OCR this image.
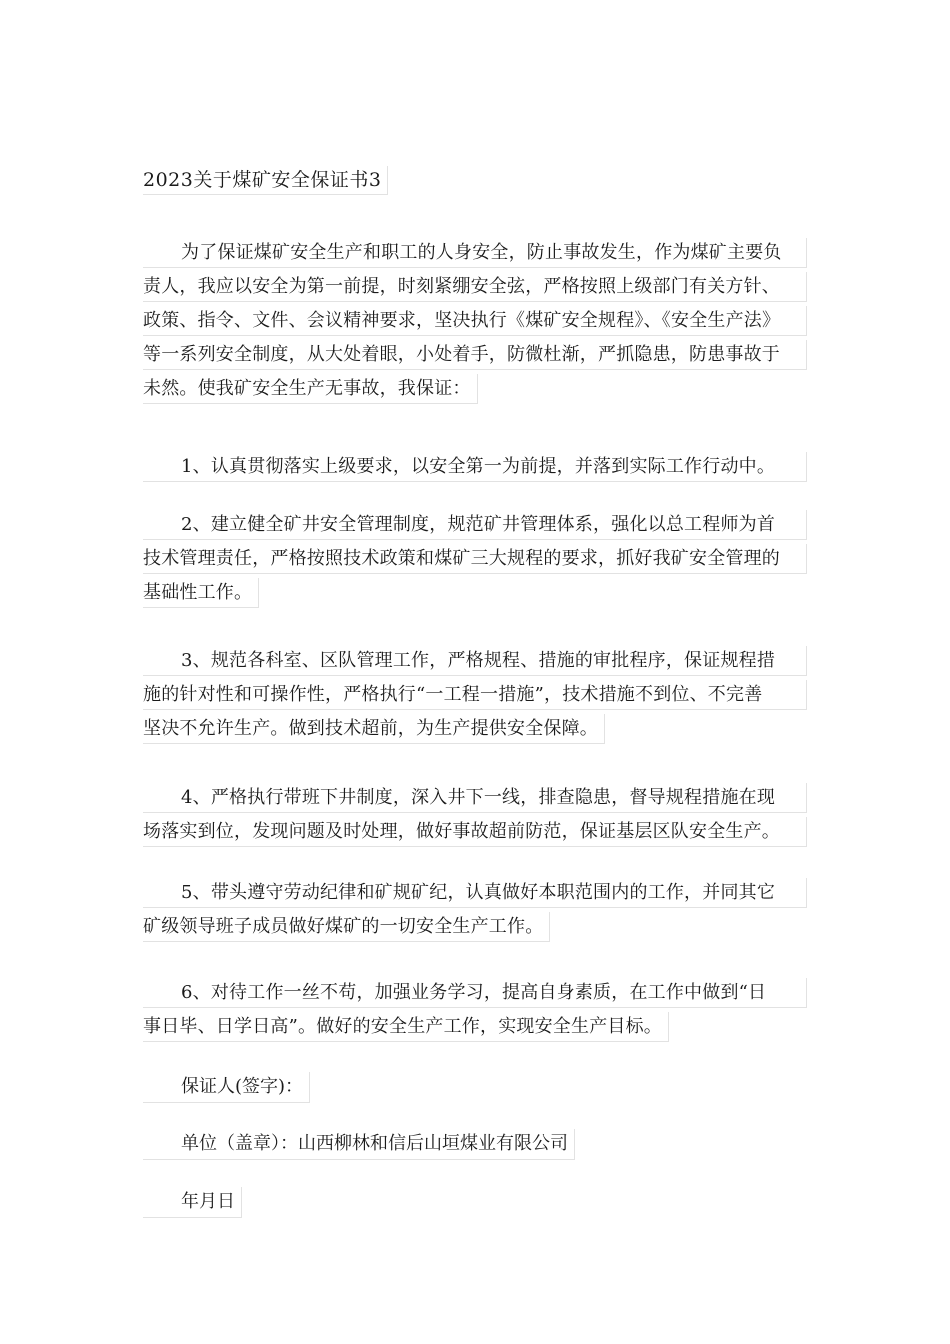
2023关于煤矿安全保证书3
为了保证煤矿安全生产和职工的人身安全，防止事故发生，作为煤矿主要负
责人，我应以安全为第一前提，时刻紧绷安全弦，严格按照上级部门有关方针、
政策、指令、文件、会议精神要求，坚决执行《煤矿安全规程》、《安全生产法》
等一系列安全制度，从大处着眼，小处着手，防微杜渐，严抓隐患，防患事故于
未然。使我矿安全生产无事故，我保证：
1、认真贯彻落实上级要求，以安全第一为前提，并落到实际工作行动中。
2、建立健全矿井安全管理制度，规范矿井管理体系，强化以总工程师为首
技术管理责任，严格按照技术政策和煤矿三大规程的要求，抓好我矿安全管理的
基础性工作。
3、规范各科室、区队管理工作，严格规程、措施的审批程序，保证规程措
施的针对性和可操作性，严格执行“一工程一措施”，技术措施不到位、不完善
坚决不允许生产。做到技术超前，为生产提供安全保障。
4、严格执行带班下井制度，深入井下一线，排查隐患，督导规程措施在现
场落实到位，发现问题及时处理，做好事故超前防范，保证基层区队安全生产。
5、带头遵守劳动纪律和矿规矿纪，认真做好本职范围内的工作，并同其它
矿级领导班子成员做好煤矿的一切安全生产工作。
6、对待工作一丝不苟，加强业务学习，提高自身素质，在工作中做到“日
事日毕、日学日高”。做好的安全生产工作，实现安全生产目标。
保证人(签字)：
单位（盖章）：山西柳林和信后山垣煤业有限公司
年月日
